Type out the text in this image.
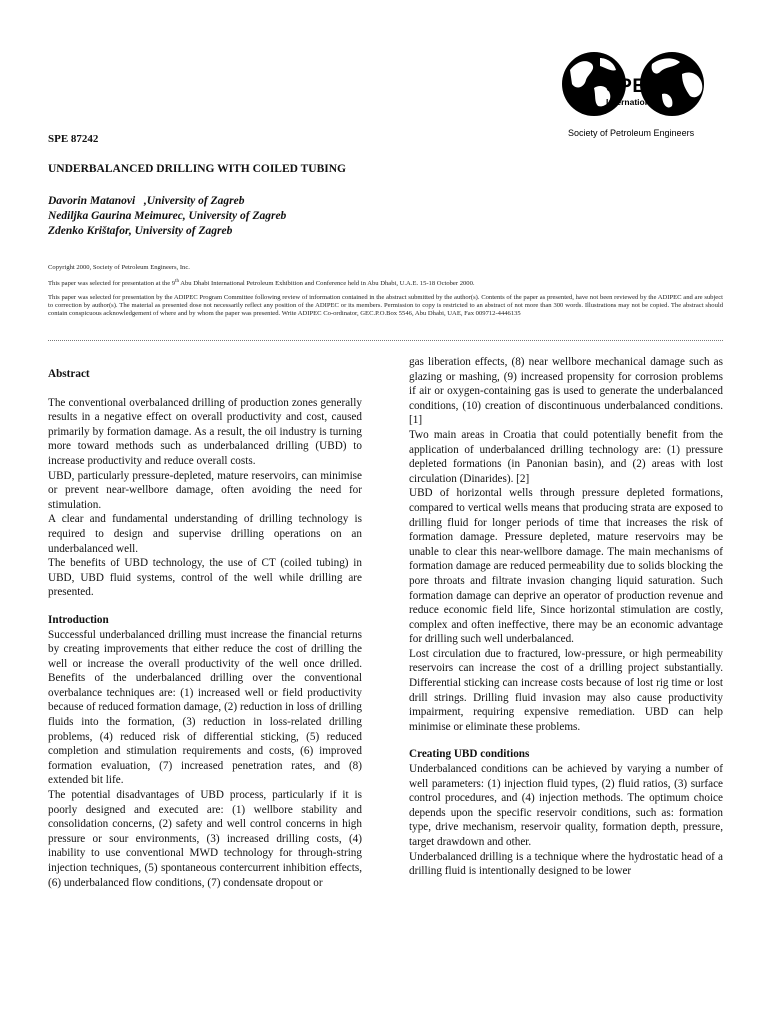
SPE
International
Society of Petroleum Engineers
SPE 87242
UNDERBALANCED DRILLING WITH COILED TUBING
Davorin Matanovi   ,University of Zagreb
Nediljka Gaurina Meimurec, University of Zagreb
Zdenko Krištafor, University of Zagreb

Copyright 2000, Society of Petroleum Engineers, Inc.

This paper was selected for presentation at the 9th Abu Dhabi International Petroleum Exhibition and Conference held in Abu Dhabi, U.A.E. 15-18 October 2000.

This paper was selected for presentation by the ADIPEC Program Committee following review of information contained in the abstract submitted by the author(s). Contents of the paper as presented, have not been reviewed by the ADIPEC and are subject to correction by author(s). The material as presented dose not necessarily reflect any position of the ADIPEC or its members. Permission to copy is restricted to an abstract of not more than 300 words. Illustrations may not be copied. The abstract should contain conspicuous acknowledgement of where and by whom the paper was presented. Write ADIPEC Co-ordinator, GEC.P.O.Box 5546, Abu Dhabi, UAE, Fax 009712-4446135

Abstract

The conventional overbalanced drilling of production zones generally results in a negative effect on overall productivity and cost, caused primarily by formation damage. As a result, the oil industry is turning more toward methods such as underbalanced drilling (UBD) to increase productivity and reduce overall costs.

UBD, particularly pressure-depleted, mature reservoirs, can minimise or prevent near-wellbore damage, often avoiding the need for stimulation.

A clear and fundamental understanding of drilling technology is required to design and supervise drilling operations on an underbalanced well.

The benefits of UBD technology, the use of CT (coiled tubing) in UBD, UBD fluid systems, control of the well while drilling are presented.

Introduction

Successful underbalanced drilling must increase the financial returns by creating improvements that either reduce the cost of drilling the well or increase the overall productivity of the well once drilled. Benefits of the underbalanced drilling over the conventional overbalance techniques are: (1) increased well or field productivity because of reduced formation damage, (2) reduction in loss of drilling fluids into the formation, (3) reduction in loss-related drilling problems, (4) reduced risk of differential sticking, (5) reduced completion and stimulation requirements and costs, (6) improved formation evaluation, (7) increased penetration rates, and (8) extended bit life.

The potential disadvantages of UBD process, particularly if it is poorly designed and executed are: (1) wellbore stability and consolidation concerns, (2) safety and well control concerns in high pressure or sour environments, (3) increased drilling costs, (4) inability to use conventional MWD technology for through-string injection techniques, (5) spontaneous contercurrent inhibition effects, (6) underbalanced flow conditions, (7) condensate dropout or

gas liberation effects, (8) near wellbore mechanical damage such as glazing or mashing, (9) increased propensity for corrosion problems if air or oxygen-containing gas is used to generate the underbalanced conditions, (10) creation of discontinuous underbalanced conditions. [1]

Two main areas in Croatia that could potentially benefit from the application of underbalanced drilling technology are: (1) pressure depleted formations (in Panonian basin), and (2) areas with lost circulation (Dinarides). [2]

UBD of horizontal wells through pressure depleted formations, compared to vertical wells means that producing strata are exposed to drilling fluid for longer periods of time that increases the risk of formation damage. Pressure depleted, mature reservoirs may be unable to clear this near-wellbore damage. The main mechanisms of formation damage are reduced permeability due to solids blocking the pore throats and filtrate invasion changing liquid saturation. Such formation damage can deprive an operator of production revenue and reduce economic field life, Since horizontal stimulation are costly, complex and often ineffective, there may be an economic advantage for drilling such well underbalanced.

Lost circulation due to fractured, low-pressure, or high permeability reservoirs can increase the cost of a drilling project substantially. Differential sticking can increase costs because of lost rig time or lost drill strings. Drilling fluid invasion may also cause productivity impairment, requiring expensive remediation. UBD can help minimise or eliminate these problems.

Creating UBD conditions

Underbalanced conditions can be achieved by varying a number of well parameters: (1) injection fluid types, (2) fluid ratios, (3) surface control procedures, and (4) injection methods. The optimum choice depends upon the specific reservoir conditions, such as: formation type, drive mechanism, reservoir quality, formation depth, pressure, target drawdown and other.

Underbalanced drilling is a technique where the hydrostatic head of a drilling fluid is intentionally designed to be lower
